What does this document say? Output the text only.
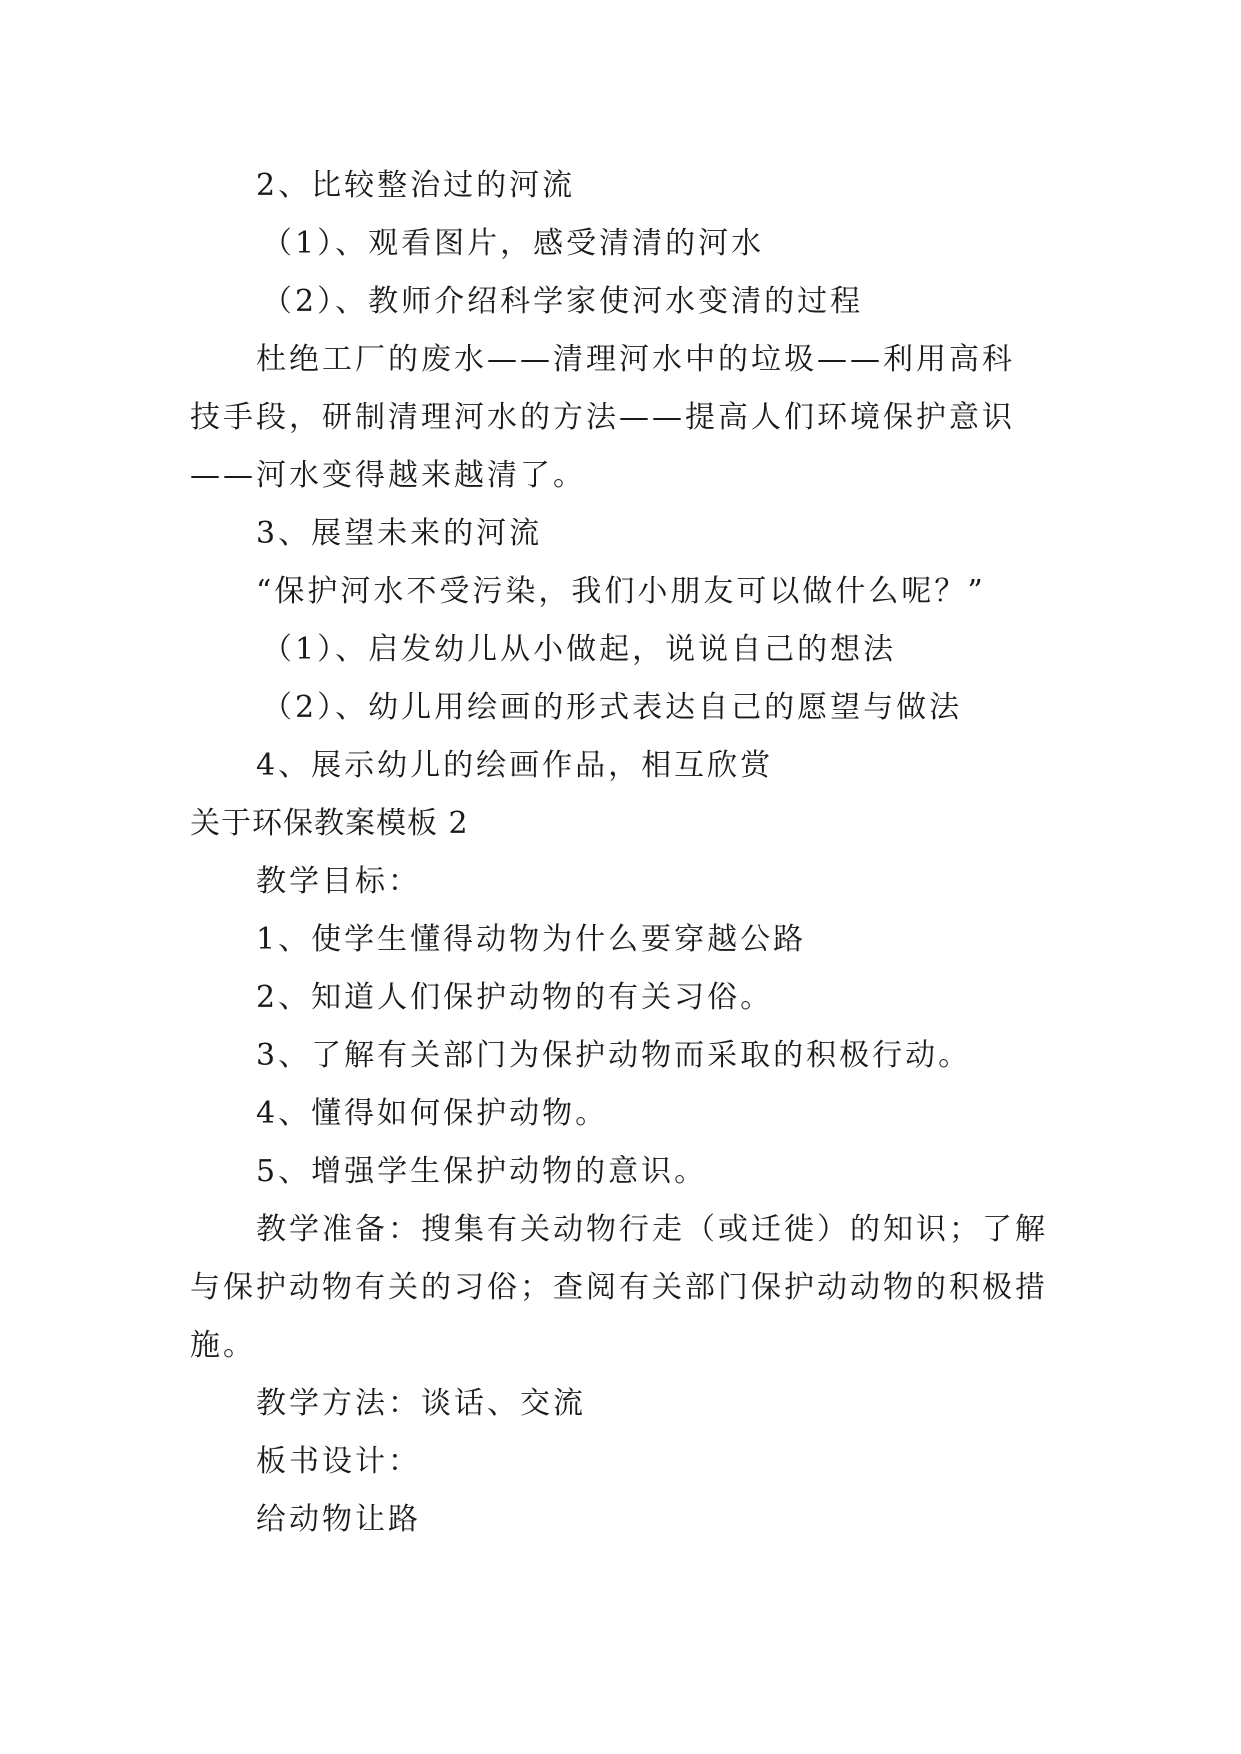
2、比较整治过的河流
（1）、观看图片，感受清清的河水
（2）、教师介绍科学家使河水变清的过程
杜绝工厂的废水——清理河水中的垃圾——利用高科
技手段，研制清理河水的方法——提高人们环境保护意识
——河水变得越来越清了。
3、展望未来的河流
“保护河水不受污染，我们小朋友可以做什么呢？”
（1）、启发幼儿从小做起，说说自己的想法
（2）、幼儿用绘画的形式表达自己的愿望与做法
4、展示幼儿的绘画作品，相互欣赏
关于环保教案模板 2
教学目标：
1、使学生懂得动物为什么要穿越公路
2、知道人们保护动物的有关习俗。
3、了解有关部门为保护动物而采取的积极行动。
4、懂得如何保护动物。
5、增强学生保护动物的意识。
教学准备：搜集有关动物行走（或迁徙）的知识；了解
与保护动物有关的习俗；查阅有关部门保护动动物的积极措
施。
教学方法：谈话、交流
板书设计：
给动物让路
